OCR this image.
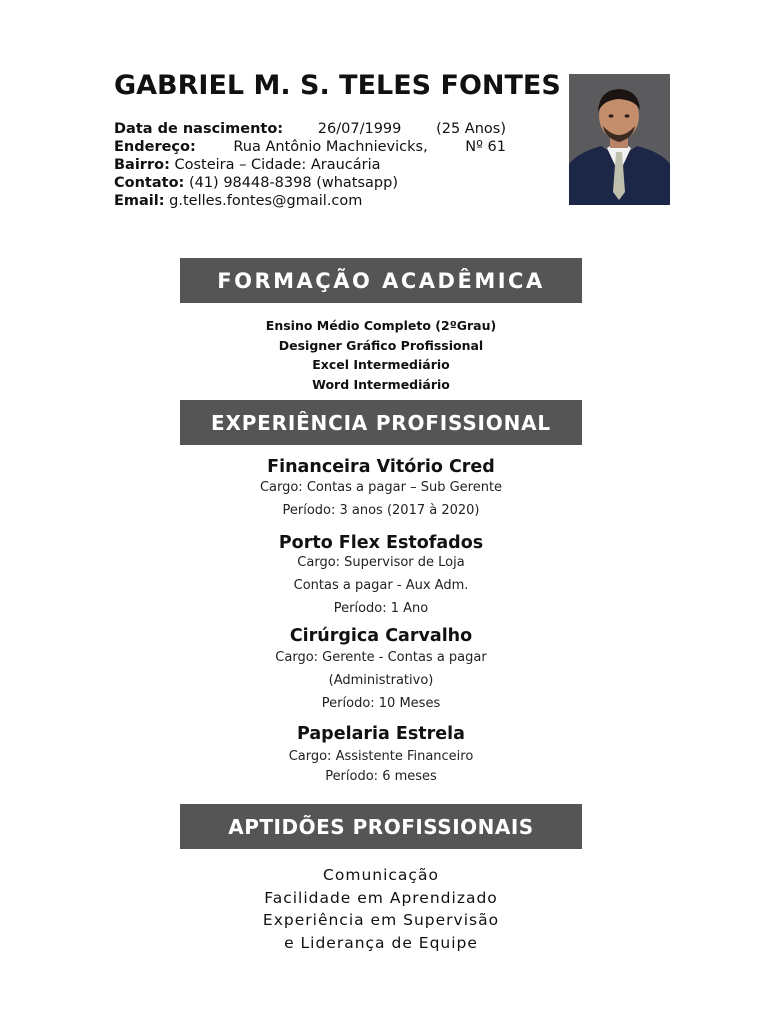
GABRIEL M. S. TELES FONTES
Data de nascimento: 26/07/1999 (25 Anos)
Endereço:	Rua Antônio Machnievicks,	Nº 61
Bairro: Costeira – Cidade: Araucária
Contato: (41) 98448-8398 (whatsapp)
Email: g.telles.fontes@gmail.com
FORMAÇÃO ACADÊMICA
Ensino Médio Completo (2ºGrau)
Designer Gráfico Profissional
Excel Intermediário
Word Intermediário
EXPERIÊNCIA PROFISSIONAL
Financeira Vitório Cred
Cargo: Contas a pagar – Sub Gerente
Período: 3 anos (2017 à 2020)
Porto Flex Estofados
Cargo: Supervisor de Loja
Contas a pagar - Aux Adm.
Período: 1 Ano
Cirúrgica Carvalho
Cargo: Gerente - Contas a pagar
(Administrativo)
Período: 10 Meses
Papelaria Estrela
Cargo: Assistente Financeiro
Período: 6 meses
APTIDÕES PROFISSIONAIS
Comunicação
Facilidade em Aprendizado
Experiência em Supervisão
e Liderança de Equipe
